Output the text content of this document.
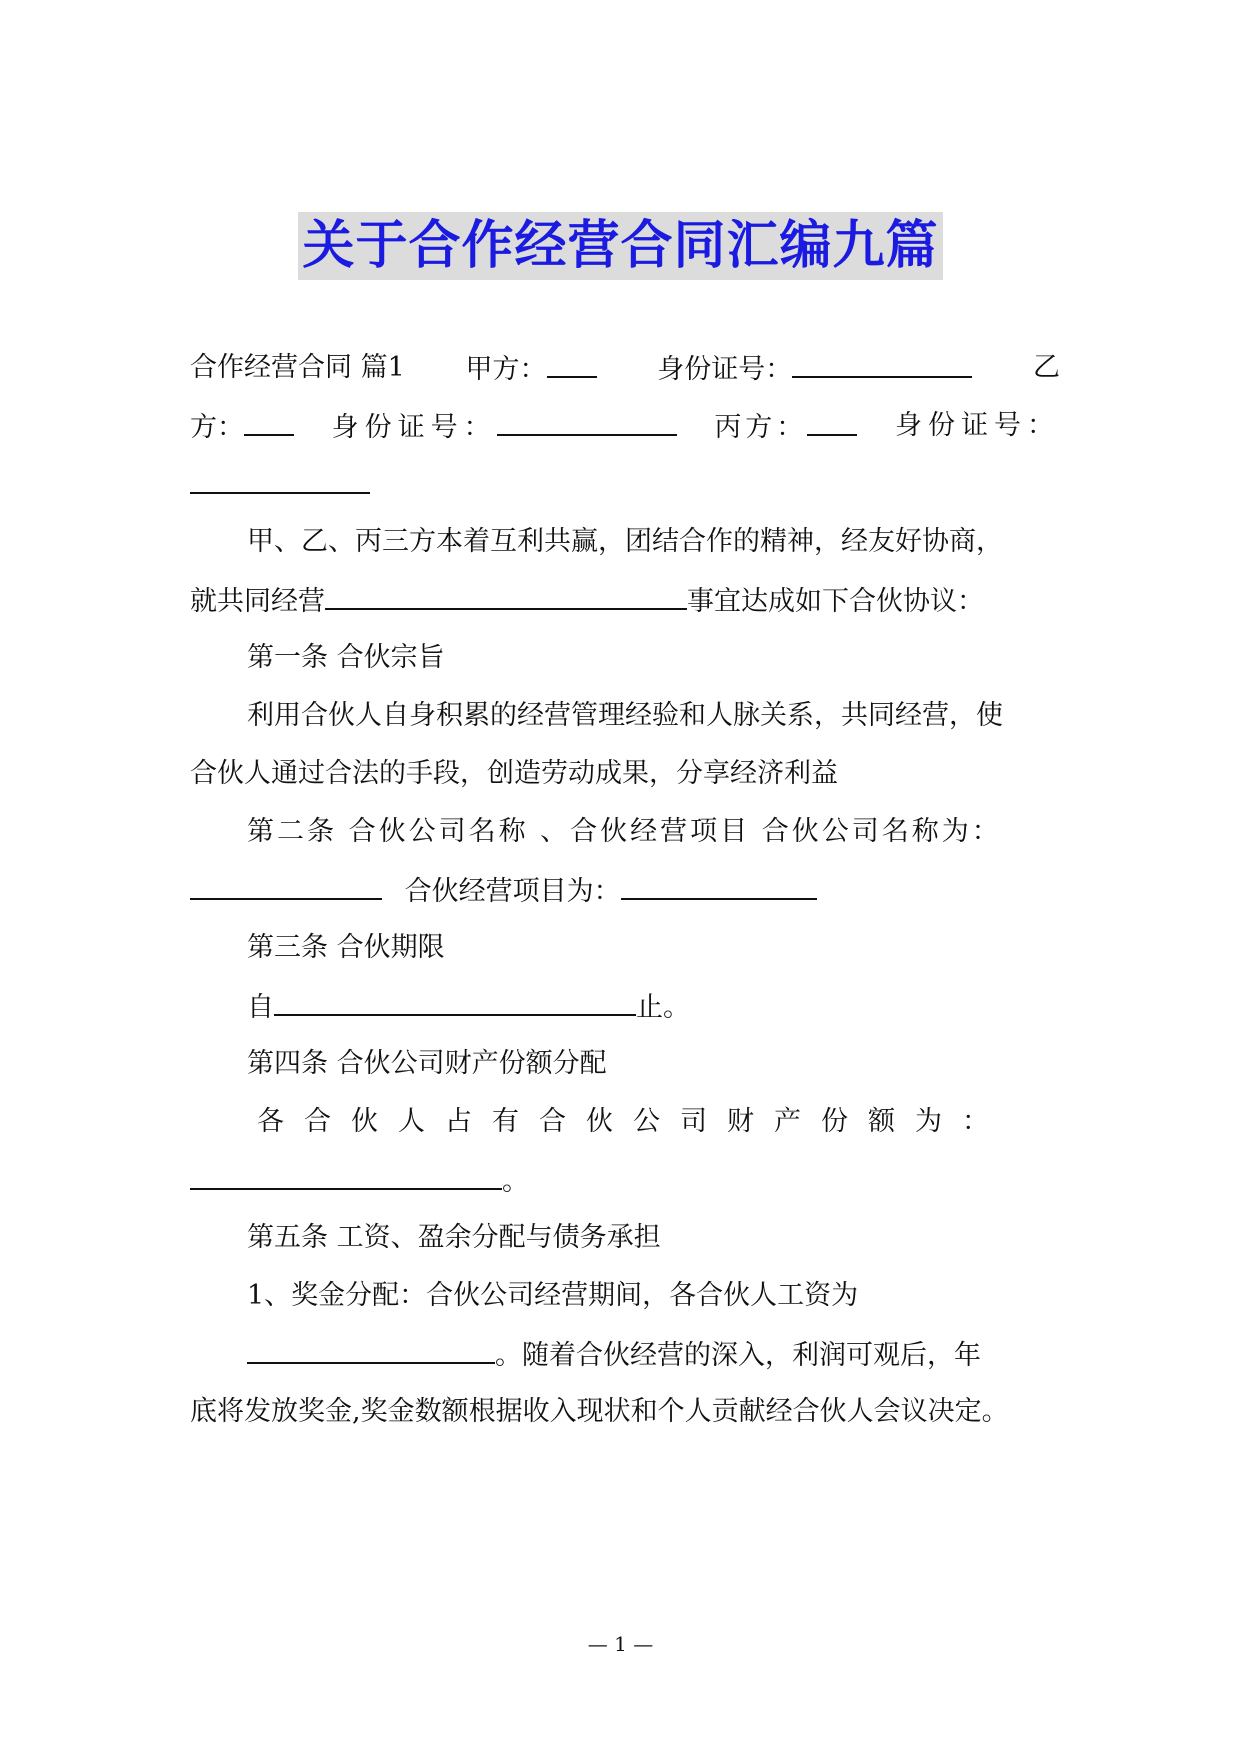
关于合作经营合同汇编九篇
合作经营合同 篇1 甲方：	身份证号：	乙
方：	身份证号：	丙方：	身份证号：
甲、乙、丙三方本着互利共赢，团结合作的精神，经友好协商，
就共同经营	事宜达成如下合伙协议：
第一条 合伙宗旨
利用合伙人自身积累的经营管理经验和人脉关系，共同经营，使
合伙人通过合法的手段，创造劳动成果，分享经济利益
第二条 合伙公司名称 、合伙经营项目 合伙公司名称为：
合伙经营项目为：
第三条 合伙期限
自	止。
第四条 合伙公司财产份额分配
各合伙人占有合伙公司财产份额为：
。
第五条 工资、盈余分配与债务承担
1、奖金分配：合伙公司经营期间，各合伙人工资为
。随着合伙经营的深入，利润可观后，年
底将发放奖金,奖金数额根据收入现状和个人贡献经合伙人会议决定。
— 1 —
